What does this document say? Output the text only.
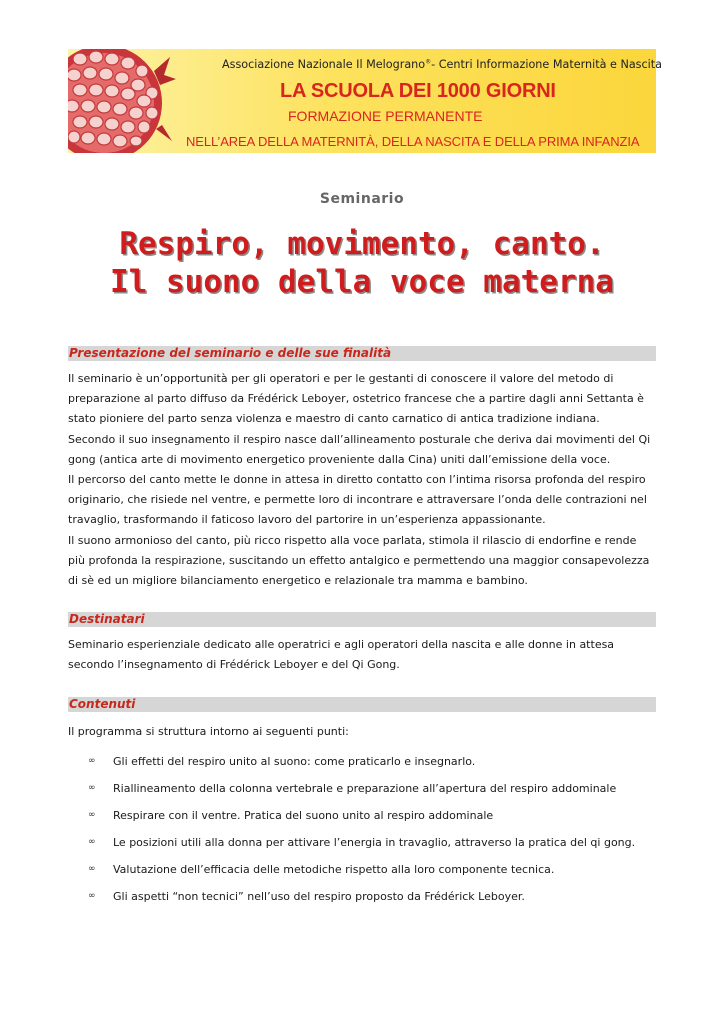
Associazione Nazionale Il Melograno®- Centri Informazione Maternità e Nascita
LA SCUOLA DEI 1000 GIORNI
FORMAZIONE PERMANENTE
NELL’AREA DELLA MATERNITÀ, DELLA NASCITA E DELLA PRIMA INFANZIA
Seminario
Respiro, movimento, canto.
Il suono della voce materna
Presentazione del seminario e delle sue finalità
Il seminario è un’opportunità per gli operatori e per le gestanti di conoscere il valore del metodo di
preparazione al parto diffuso da Frédérick Leboyer, ostetrico francese che a partire dagli anni Settanta è
stato pioniere del parto senza violenza e maestro di canto carnatico di antica tradizione indiana.
Secondo il suo insegnamento il respiro nasce dall’allineamento posturale che deriva dai movimenti del Qi
gong (antica arte di movimento energetico proveniente dalla Cina) uniti dall’emissione della voce.
Il percorso del canto mette le donne in attesa in diretto contatto con l’intima risorsa profonda del respiro
originario, che risiede nel ventre, e permette loro di incontrare e attraversare l’onda delle contrazioni nel
travaglio, trasformando il faticoso lavoro del partorire in un’esperienza appassionante.
Il suono armonioso del canto, più ricco rispetto alla voce parlata, stimola il rilascio di endorfine e rende
più profonda la respirazione, suscitando un effetto antalgico e permettendo una maggior consapevolezza
di sè ed un migliore bilanciamento energetico e relazionale tra mamma e bambino.
Destinatari
Seminario esperienziale dedicato alle operatrici e agli operatori della nascita e alle donne in attesa
secondo l’insegnamento di Frédérick Leboyer e del Qi Gong.
Contenuti
Il programma si struttura intorno ai seguenti punti:
∞ Gli effetti del respiro unito al suono: come praticarlo e insegnarlo.
∞ Riallineamento della colonna vertebrale e preparazione all’apertura del respiro addominale
∞ Respirare con il ventre. Pratica del suono unito al respiro addominale
∞ Le posizioni utili alla donna per attivare l’energia in travaglio, attraverso la pratica del qi gong.
∞ Valutazione dell’efficacia delle metodiche rispetto alla loro componente tecnica.
∞ Gli aspetti “non tecnici” nell’uso del respiro proposto da Frédérick Leboyer.
